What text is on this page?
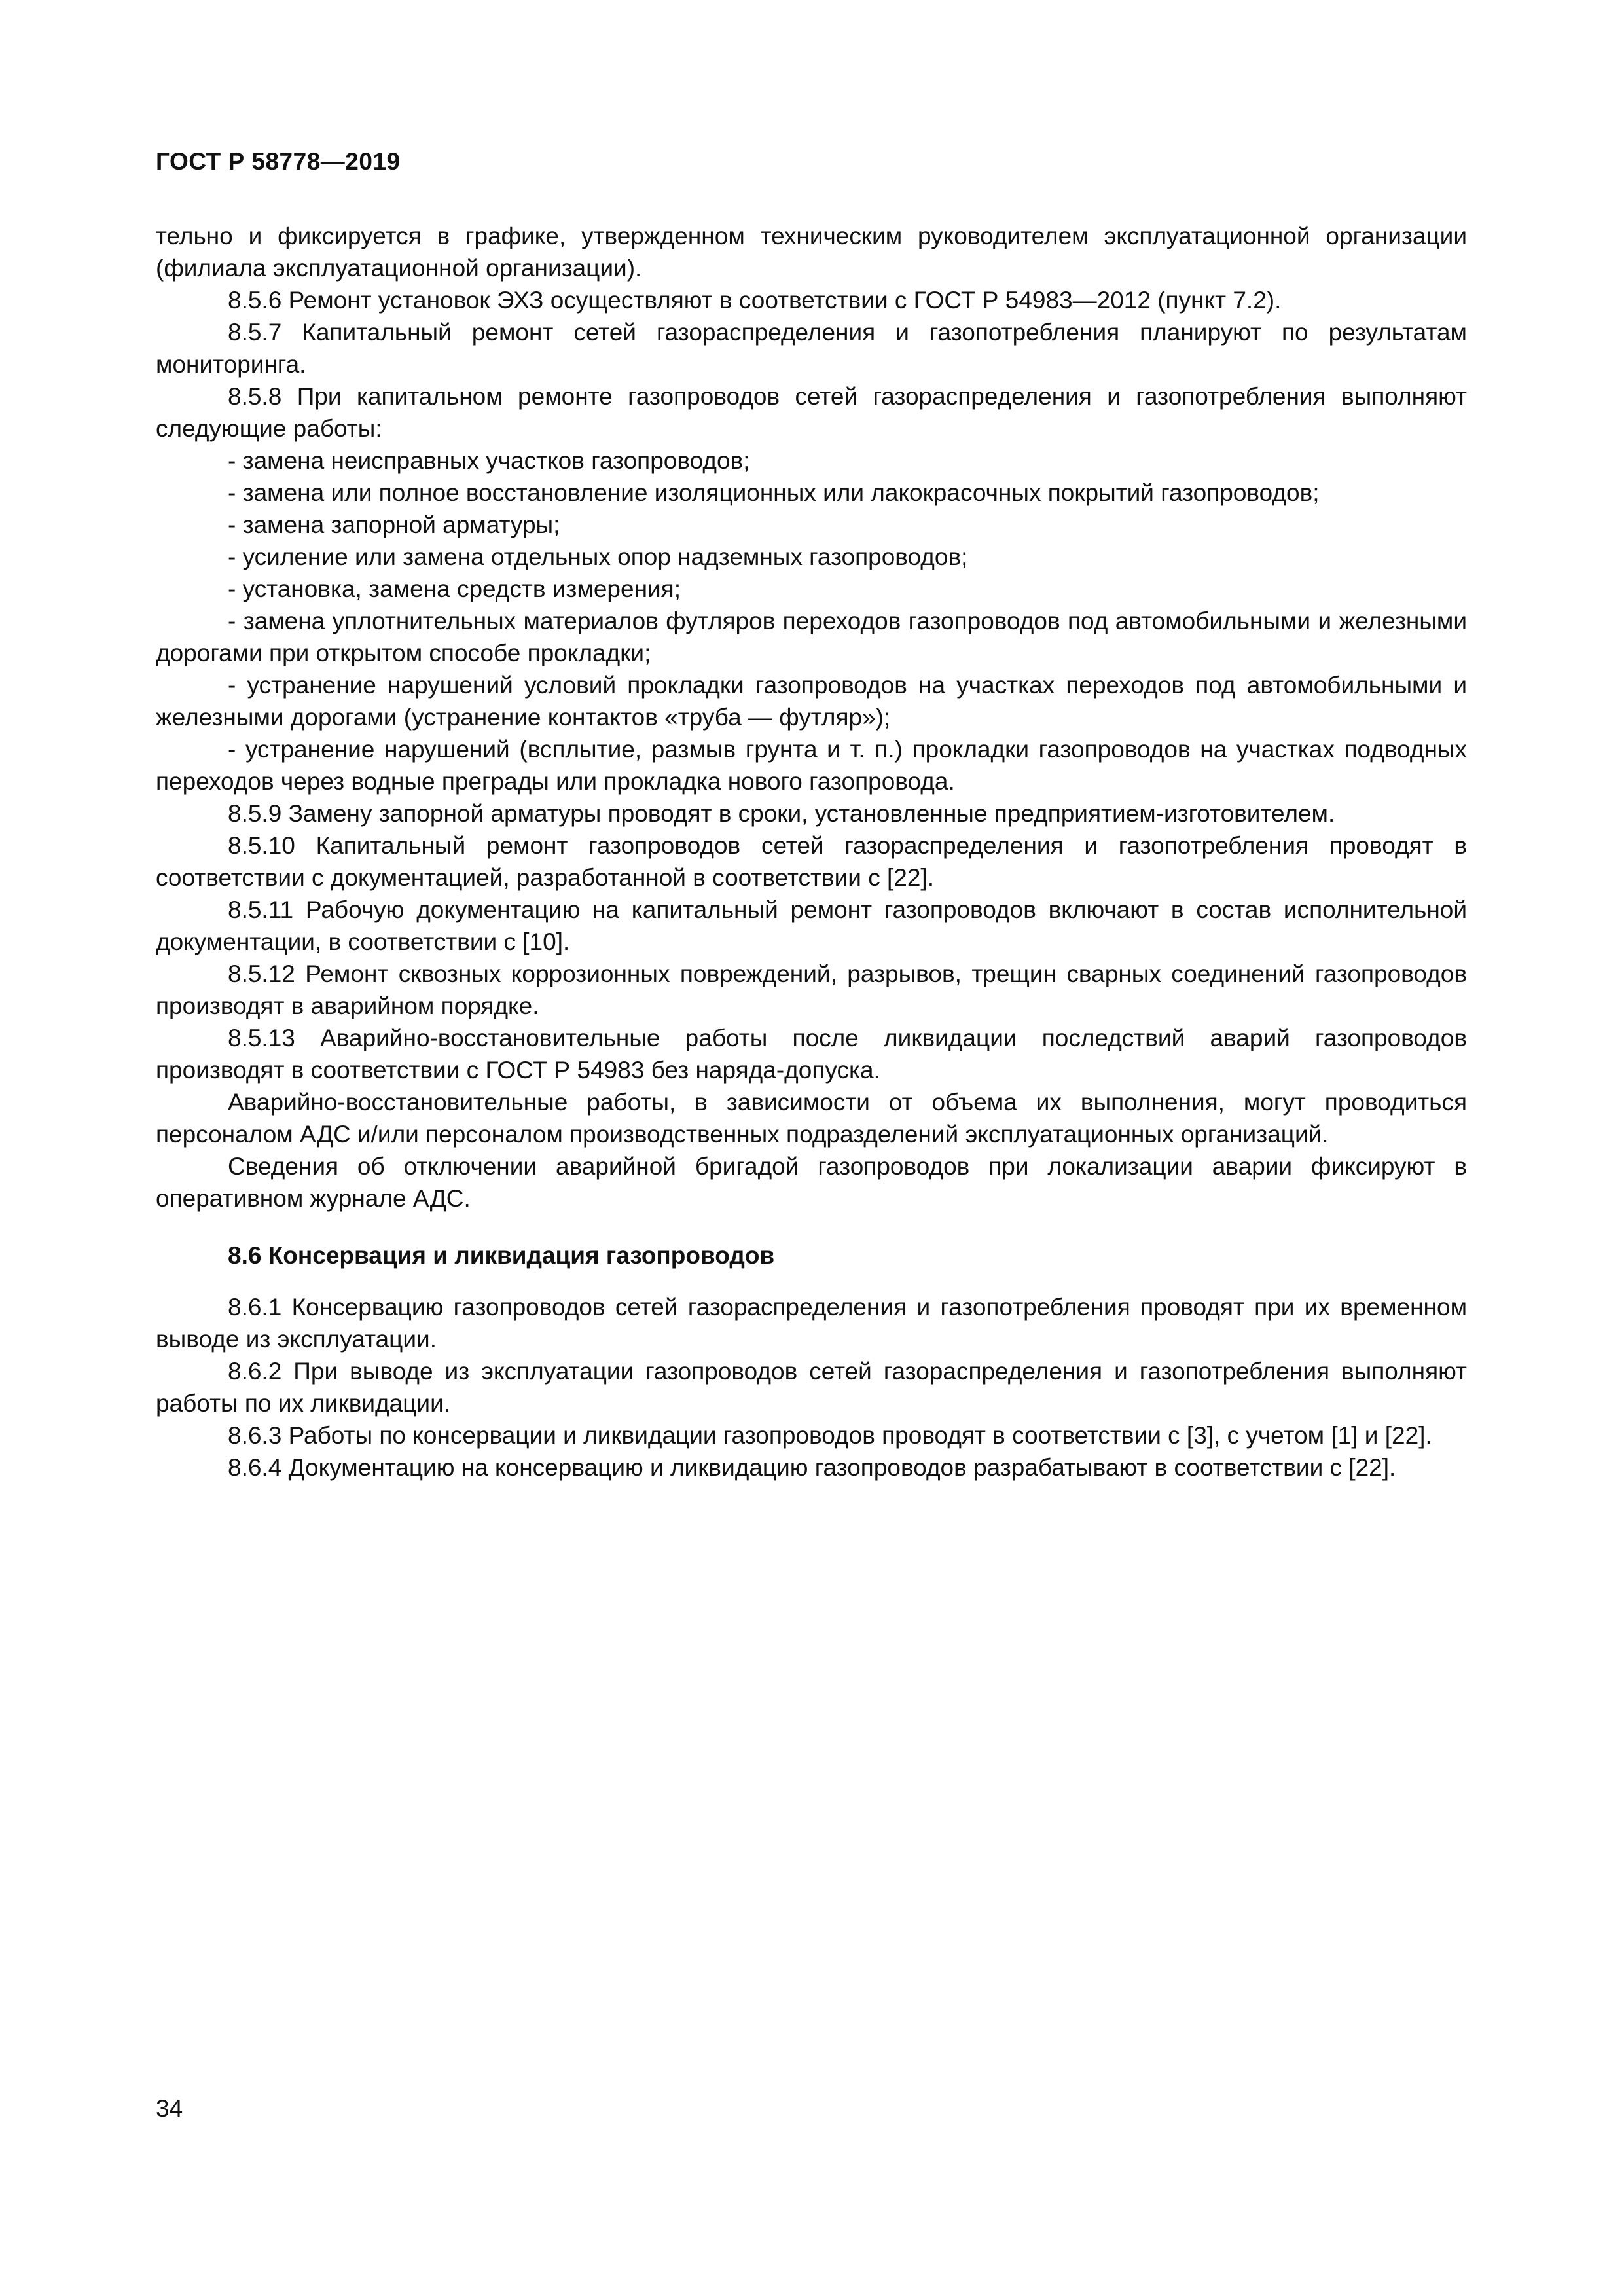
ГОСТ Р 58778—2019

тельно и фиксируется в графике, утвержденном техническим руководителем эксплуатационной организации (филиала эксплуатационной организации).

8.5.6 Ремонт установок ЭХЗ осуществляют в соответствии с ГОСТ Р 54983—2012 (пункт 7.2).

8.5.7 Капитальный ремонт сетей газораспределения и газопотребления планируют по результатам мониторинга.

8.5.8 При капитальном ремонте газопроводов сетей газораспределения и газопотребления выполняют следующие работы:

- замена неисправных участков газопроводов;

- замена или полное восстановление изоляционных или лакокрасочных покрытий газопроводов;

- замена запорной арматуры;

- усиление или замена отдельных опор надземных газопроводов;

- установка, замена средств измерения;

- замена уплотнительных материалов футляров переходов газопроводов под автомобильными и железными дорогами при открытом способе прокладки;

- устранение нарушений условий прокладки газопроводов на участках переходов под автомобильными и железными дорогами (устранение контактов «труба — футляр»);

- устранение нарушений (всплытие, размыв грунта и т. п.) прокладки газопроводов на участках подводных переходов через водные преграды или прокладка нового газопровода.

8.5.9 Замену запорной арматуры проводят в сроки, установленные предприятием-изготовителем.

8.5.10 Капитальный ремонт газопроводов сетей газораспределения и газопотребления проводят в соответствии с документацией, разработанной в соответствии с [22].

8.5.11 Рабочую документацию на капитальный ремонт газопроводов включают в состав исполнительной документации, в соответствии с [10].

8.5.12 Ремонт сквозных коррозионных повреждений, разрывов, трещин сварных соединений газопроводов производят в аварийном порядке.

8.5.13 Аварийно-восстановительные работы после ликвидации последствий аварий газопроводов производят в соответствии с ГОСТ Р 54983 без наряда-допуска.

Аварийно-восстановительные работы, в зависимости от объема их выполнения, могут проводиться персоналом АДС и/или персоналом производственных подразделений эксплуатационных организаций.

Сведения об отключении аварийной бригадой газопроводов при локализации аварии фиксируют в оперативном журнале АДС.

8.6 Консервация и ликвидация газопроводов

8.6.1 Консервацию газопроводов сетей газораспределения и газопотребления проводят при их временном выводе из эксплуатации.

8.6.2 При выводе из эксплуатации газопроводов сетей газораспределения и газопотребления выполняют работы по их ликвидации.

8.6.3 Работы по консервации и ликвидации газопроводов проводят в соответствии с [3], с учетом [1] и [22].

8.6.4 Документацию на консервацию и ликвидацию газопроводов разрабатывают в соответствии с [22].

34
